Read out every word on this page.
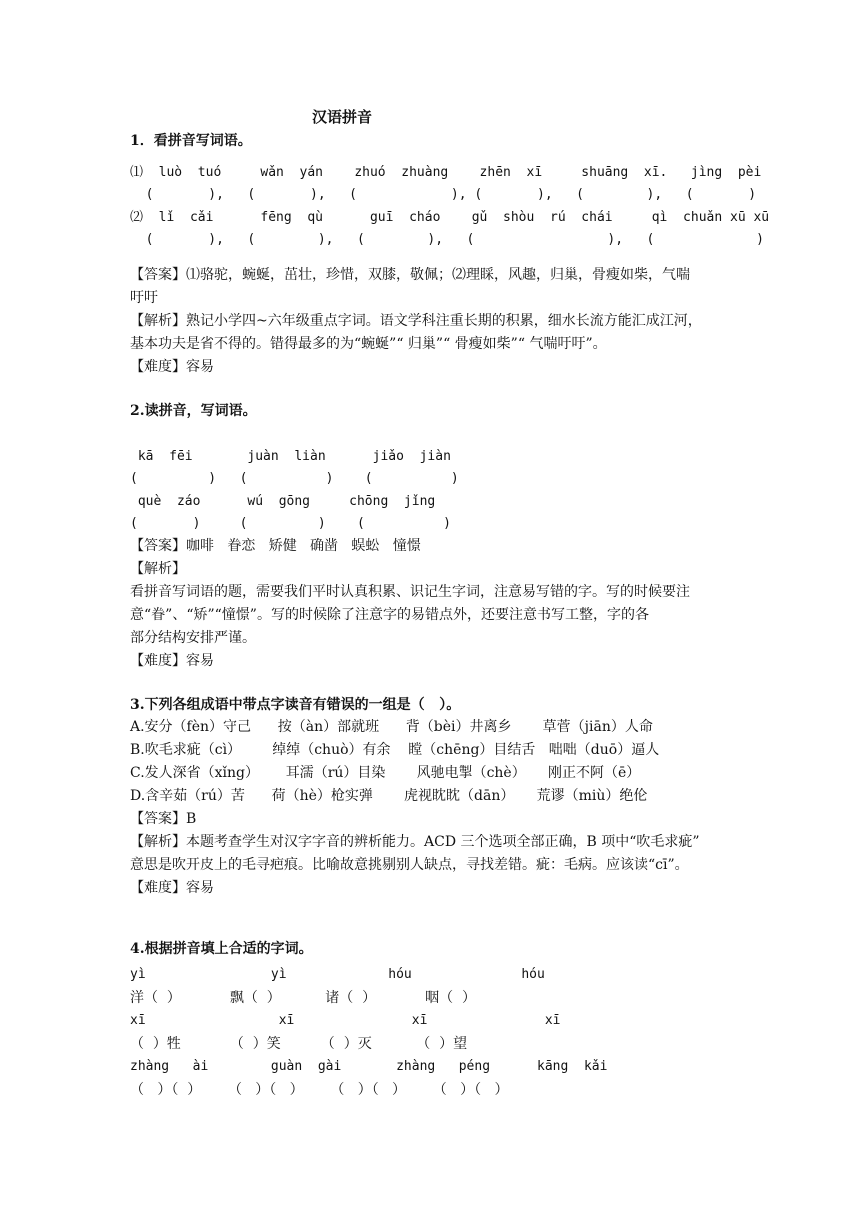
汉语拼音
1．看拼音写词语。
⑴  luò  tuó     wǎn  yán    zhuó  zhuàng    zhēn  xī     shuāng  xī.   jìng  pèi
(       ),   (       ),   (            ), (       ),   (        ),   (       )
⑵  lǐ  cǎi      fēng  qù      guī  cháo    gǔ  shòu  rú  chái     qì  chuǎn xū xū
(       ),   (        ),   (        ),   (                 ),   (             )
【答案】⑴骆驼，蜿蜒，茁壮，珍惜，双膝，敬佩；⑵理睬，风趣，归巢，骨瘦如柴，气喘
吁吁
【解析】熟记小学四~六年级重点字词。语文学科注重长期的积累，细水长流方能汇成江河，
基本功夫是省不得的。错得最多的为“蜿蜒”“ 归巢”“ 骨瘦如柴”“ 气喘吁吁”。
【难度】容易
2.读拼音，写词语。
kā  fēi       juàn  liàn      jiǎo  jiàn
(         )   (          )    (          )
què  záo      wú  gōng     chōng  jǐng
(       )     (         )    (          )
【答案】咖啡   眷恋   矫健   确凿   蜈蚣   憧憬
【解析】
看拼音写词语的题，需要我们平时认真积累、识记生字词，注意易写错的字。写的时候要注
意“眷”、“矫”“憧憬”。写的时候除了注意字的易错点外，还要注意书写工整，字的各
部分结构安排严谨。
【难度】容易
3.下列各组成语中带点字读音有错误的一组是（   ）。
A.安分（fèn）守己      按（àn）部就班      背（bèi）井离乡       草菅（jiān）人命
B.吹毛求疵（cì）       绰绰（chuò）有余    瞠（chēng）目结舌   咄咄（duō）逼人
C.发人深省（xǐng）      耳濡（rú）目染       风驰电掣（chè）     刚正不阿（ē）
D.含辛茹（rú）苦      荷（hè）枪实弹       虎视眈眈（dān）     荒谬（miù）绝伦
【答案】B
【解析】本题考查学生对汉字字音的辨析能力。ACD 三个选项全部正确，B 项中“吹毛求疵”
意思是吹开皮上的毛寻疤痕。比喻故意挑剔别人缺点，寻找差错。疵：毛病。应该读“cī”。
【难度】容易
4.根据拼音填上合适的字词。
yì                yì             hóu              hóu
洋（  ）           飘（  ）          诸（  ）           咽（  ）
xī                 xī               xī               xī
（  ）牲           （  ）笑         （  ）灭          （  ）望
zhàng   ài        guàn  gài       zhàng   péng      kāng  kǎi
（   ）（  ）      （   ）（   ）      （   ）（   ）      （   ）（   ）
